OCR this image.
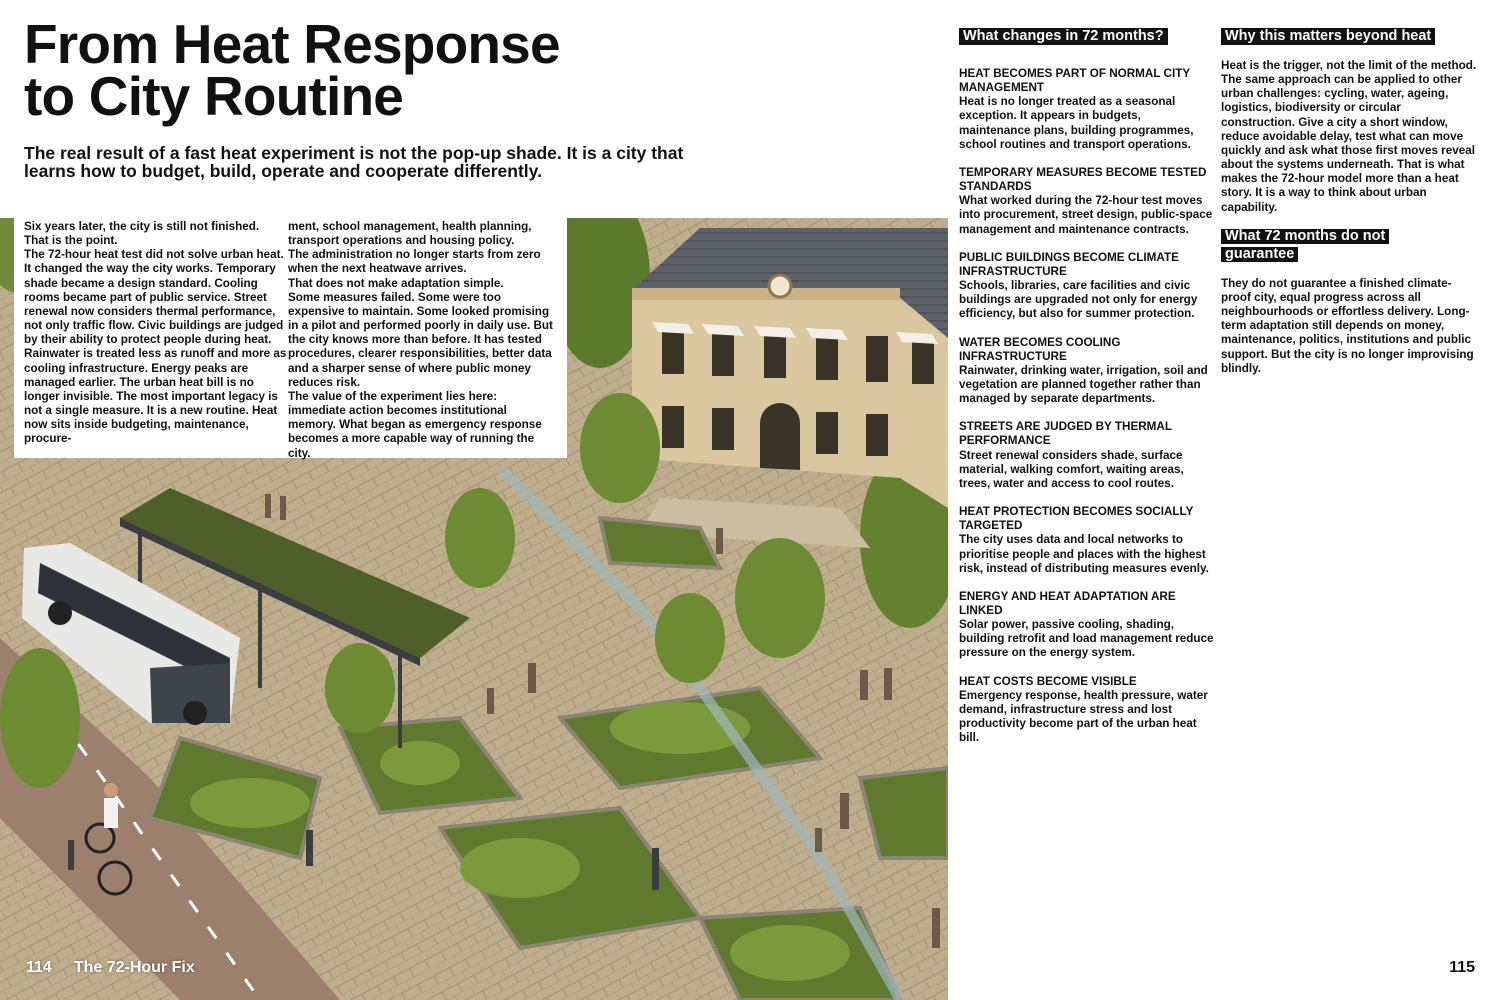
From Heat Response
to City Routine

The real result of a fast heat experiment is not the pop-up shade. It is a city that learns how to budget, build, operate and cooperate differently.

Six years later, the city is still not finished.

That is the point.

The 72-hour heat test did not solve urban heat. It changed the way the city works. Temporary shade became a design standard. Cooling rooms became part of public service. Street renewal now considers thermal performance, not only traffic flow. Civic buildings are judged by their ability to protect people during heat. Rainwater is treated less as runoff and more as cooling infrastructure. Energy peaks are managed earlier. The urban heat bill is no longer invisible. The most important legacy is not a single measure. It is a new routine. Heat now sits inside budgeting, maintenance, procure-

ment, school management, health planning, transport operations and housing policy.

The administration no longer starts from zero when the next heatwave arrives.

That does not make adaptation simple.

Some measures failed. Some were too expensive to maintain. Some looked promising in a pilot and performed poorly in daily use. But the city knows more than before. It has tested procedures, clearer responsibilities, better data and a sharper sense of where public money reduces risk.

The value of the experiment lies here: immediate action becomes institutional memory. What began as emergency response becomes a more capable way of running the city.

114 The 72-Hour Fix	115
What changes in 72 months?
HEAT BECOMES PART OF NORMAL CITY MANAGEMENT
Heat is no longer treated as a seasonal exception. It appears in budgets, maintenance plans, building programmes, school routines and transport operations.
TEMPORARY MEASURES BECOME TESTED STANDARDS
What worked during the 72-hour test moves into procurement, street design, public-space management and maintenance contracts.
PUBLIC BUILDINGS BECOME CLIMATE INFRASTRUCTURE
Schools, libraries, care facilities and civic buildings are upgraded not only for energy efficiency, but also for summer protection.
WATER BECOMES COOLING INFRASTRUCTURE
Rainwater, drinking water, irrigation, soil and vegetation are planned together rather than managed by separate departments.
STREETS ARE JUDGED BY THERMAL PERFORMANCE
Street renewal considers shade, surface material, walking comfort, waiting areas, trees, water and access to cool routes.
HEAT PROTECTION BECOMES SOCIALLY TARGETED
The city uses data and local networks to prioritise people and places with the highest risk, instead of distributing measures evenly.
ENERGY AND HEAT ADAPTATION ARE LINKED
Solar power, passive cooling, shading, building retrofit and load management reduce pressure on the energy system.
HEAT COSTS BECOME VISIBLE
Emergency response, health pressure, water demand, infrastructure stress and lost productivity become part of the urban heat bill.
Why this matters beyond heat
Heat is the trigger, not the limit of the method. The same approach can be applied to other urban challenges: cycling, water, ageing, logistics, biodiversity or circular construction. Give a city a short window, reduce avoidable delay, test what can move quickly and ask what those first moves reveal about the systems underneath. That is what makes the 72-hour model more than a heat story. It is a way to think about urban capability.
What 72 months do not
guarantee
They do not guarantee a finished climate-proof city, equal progress across all neighbourhoods or effortless delivery. Long-term adaptation still depends on money, maintenance, politics, institutions and public support. But the city is no longer improvising blindly.
